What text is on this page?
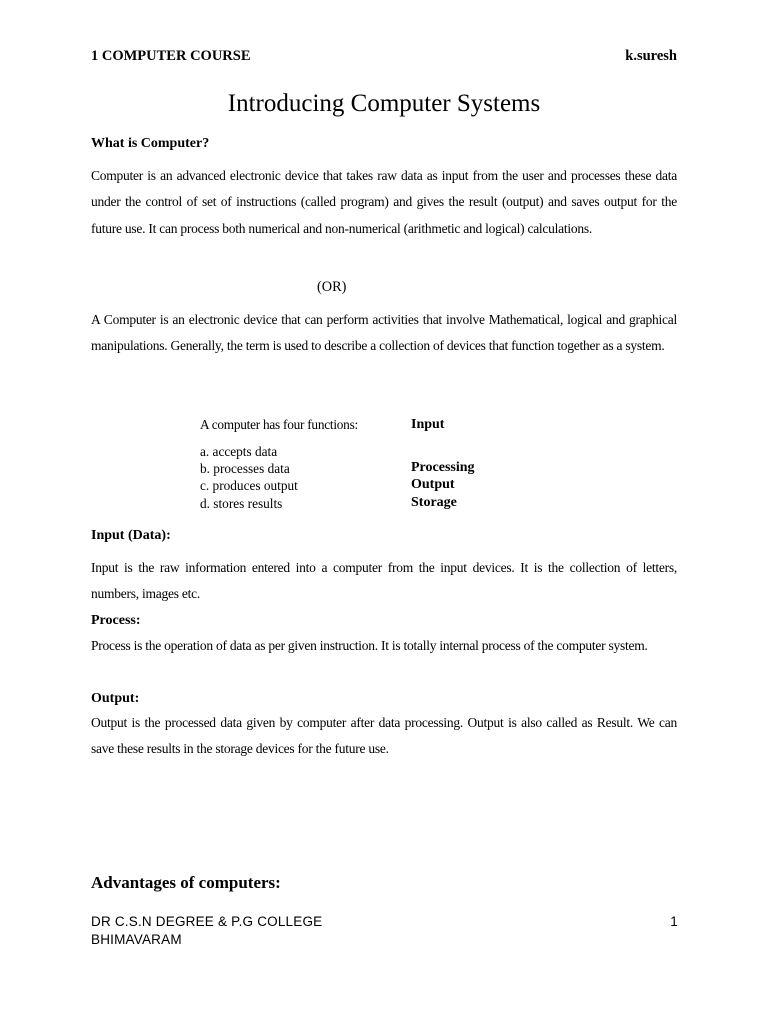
1 COMPUTER COURSE	k.suresh
Introducing Computer Systems
What is Computer?
Computer is an advanced electronic device that takes raw data as input from the user and processes these data under the control of set of instructions (called program) and gives the result (output) and saves output for the future use. It can process both numerical and non-numerical (arithmetic and logical) calculations.
(OR)
A Computer is an electronic device that can perform activities that involve Mathematical, logical and graphical manipulations. Generally, the term is used to describe a collection of devices that function together as a system.
A computer has four functions:	Input
a. accepts data
b. processes data	Processing
c. produces output	Output
d. stores results	Storage
Input (Data):
Input is the raw information entered into a computer from the input devices. It is the collection of letters, numbers, images etc.
Process:
Process is the operation of data as per given instruction. It is totally internal process of the computer system.
Output:
Output is the processed data given by computer after data processing. Output is also called as Result. We can save these results in the storage devices for the future use.
Advantages of computers:
DR C.S.N DEGREE & P.G COLLEGE
BHIMAVARAM
1
